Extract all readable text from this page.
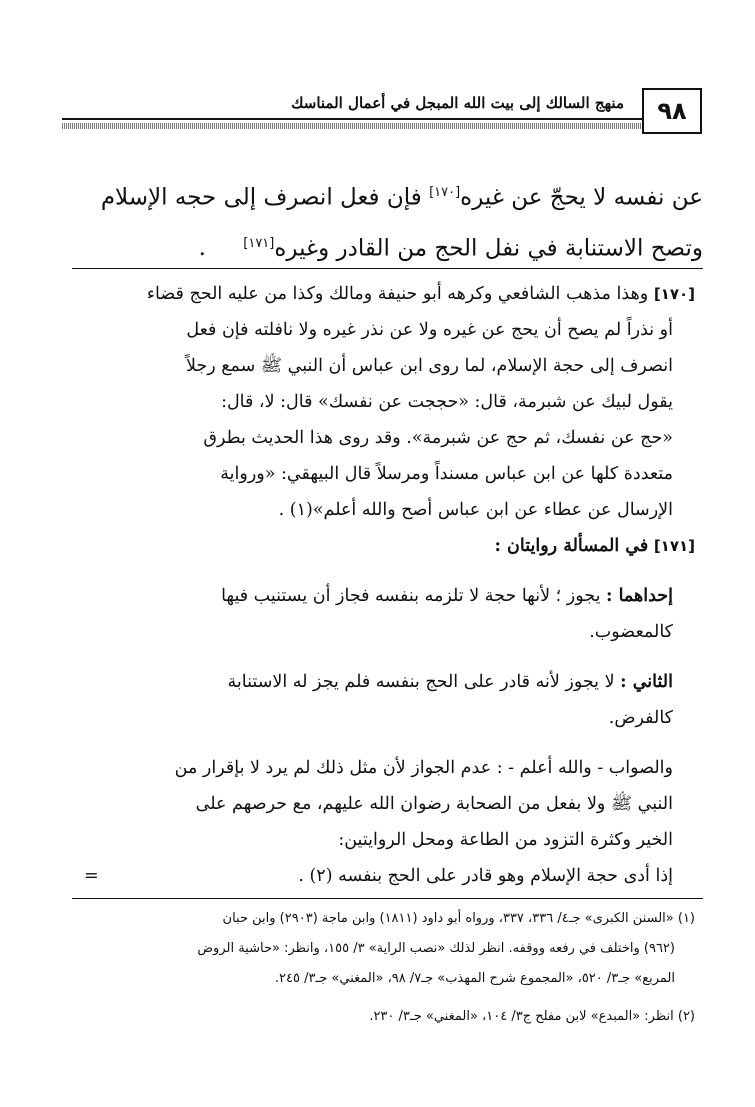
٩٨
منهج السالك إلى بيت الله المبجل في أعمال المناسك
عن نفسه لا يحجّ عن غيره[١٧٠] فإن فعل انصرف إلى حجه الإسلام
وتصح الاستنابة في نفل الحج من القادر وغيره[١٧١] .
[١٧٠] وهذا مذهب الشافعي وكرهه أبو حنيفة ومالك وكذا من عليه الحج قضاء
أو نذراً لم يصح أن يحج عن غيره ولا عن نذر غيره ولا نافلته فإن فعل
انصرف إلى حجة الإسلام، لما روى ابن عباس أن النبي ﷺ سمع رجلاً
يقول لبيك عن شبرمة، قال: «حججت عن نفسك» قال: لا، قال:
«حج عن نفسك، ثم حج عن شبرمة». وقد روى هذا الحديث بطرق
متعددة كلها عن ابن عباس مسنداً ومرسلاً قال البيهقي: «ورواية
الإرسال عن عطاء عن ابن عباس أصح والله أعلم»(١) .
[١٧١] في المسألة روايتان :
إحداهما : يجوز ؛ لأنها حجة لا تلزمه بنفسه فجاز أن يستنيب فيها
كالمعضوب.
الثاني : لا يجوز لأنه قادر على الحج بنفسه فلم يجز له الاستنابة
كالفرض.
والصواب - والله أعلم - : عدم الجواز لأن مثل ذلك لم يرد لا بإقرار من
النبي ﷺ ولا بفعل من الصحابة رضوان الله عليهم، مع حرصهم على
الخير وكثرة التزود من الطاعة ومحل الروايتين:
إذا أدى حجة الإسلام وهو قادر على الحج بنفسه (٢) .
=
(١) «السنن الكبرى» جـ٤/ ٣٣٦، ٣٣٧، ورواه أبو داود (١٨١١) وابن ماجة (٢٩٠٣) وابن حبان
(٩٦٢) واختلف في رفعه ووقفه. انظر لذلك «نصب الراية» ٣/ ١٥٥، وانظر: «حاشية الروض
المربع» جـ٣/ ٥٢٠، «المجموع شرح المهذب» جـ٧/ ٩٨، «المغني» جـ٣/ ٢٤٥.
(٢) انظر: «المبدع» لابن مفلح ج٣/ ١٠٤، «المغني» جـ٣/ ٢٣٠.
